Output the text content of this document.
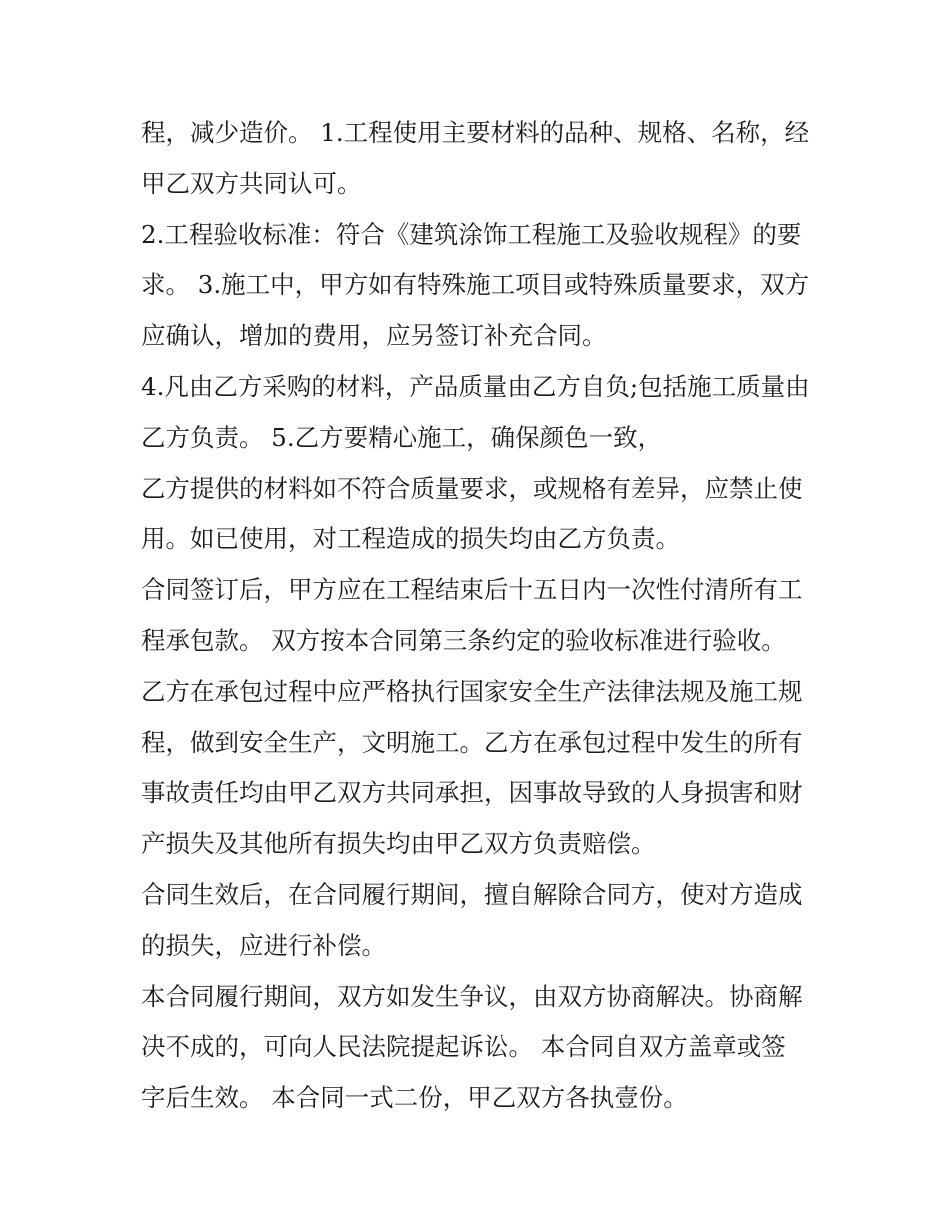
程，减少造价。 1.工程使用主要材料的品种、规格、名称，经
甲乙双方共同认可。
2.工程验收标准：符合《建筑涂饰工程施工及验收规程》的要
求。 3.施工中，甲方如有特殊施工项目或特殊质量要求，双方
应确认，增加的费用，应另签订补充合同。
4.凡由乙方采购的材料，产品质量由乙方自负;包括施工质量由
乙方负责。 5.乙方要精心施工，确保颜色一致，
乙方提供的材料如不符合质量要求，或规格有差异，应禁止使
用。如已使用，对工程造成的损失均由乙方负责。
合同签订后，甲方应在工程结束后十五日内一次性付清所有工
程承包款。 双方按本合同第三条约定的验收标准进行验收。
乙方在承包过程中应严格执行国家安全生产法律法规及施工规
程，做到安全生产，文明施工。乙方在承包过程中发生的所有
事故责任均由甲乙双方共同承担，因事故导致的人身损害和财
产损失及其他所有损失均由甲乙双方负责赔偿。
合同生效后，在合同履行期间，擅自解除合同方，使对方造成
的损失，应进行补偿。
本合同履行期间，双方如发生争议，由双方协商解决。协商解
决不成的，可向人民法院提起诉讼。 本合同自双方盖章或签
字后生效。 本合同一式二份，甲乙双方各执壹份。
